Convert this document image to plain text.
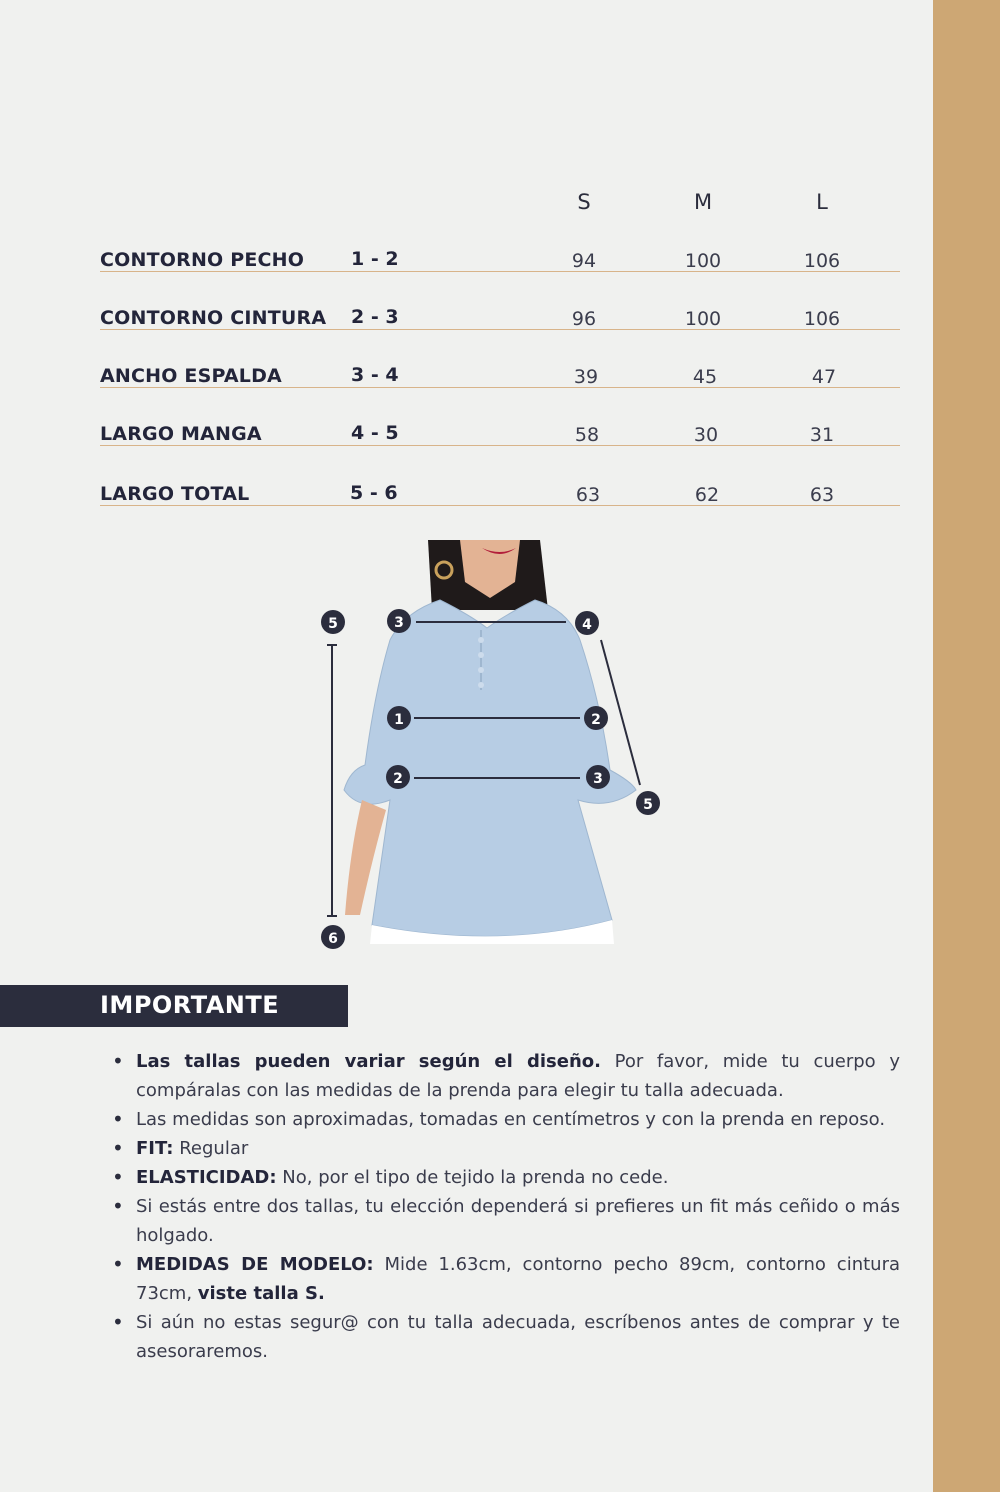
S	M	L
CONTORNO PECHO 1 - 2	94	100	106
CONTORNO CINTURA 2 - 3	96	100	106
ANCHO ESPALDA	3 - 4	39	45	47
LARGO MANGA	4 - 5	58	30	31
LARGO TOTAL	5 - 6	63	62	63
5	3	4
1	2
2	3
5
6
IMPORTANTE
• Las tallas pueden variar según el diseño. Por favor, mide tu cuerpo y compáralas con las medidas de la prenda para elegir tu talla adecuada.
• Las medidas son aproximadas, tomadas en centímetros y con la prenda en reposo.
• FIT: Regular
• ELASTICIDAD: No, por el tipo de tejido la prenda no cede.
• Si estás entre dos tallas, tu elección dependerá si prefieres un fit más ceñido o más holgado.
• MEDIDAS DE MODELO: Mide 1.63cm, contorno pecho 89cm, contorno cintura 73cm, viste talla S.
• Si aún no estas segur@ con tu talla adecuada, escríbenos antes de comprar y te asesoraremos.
